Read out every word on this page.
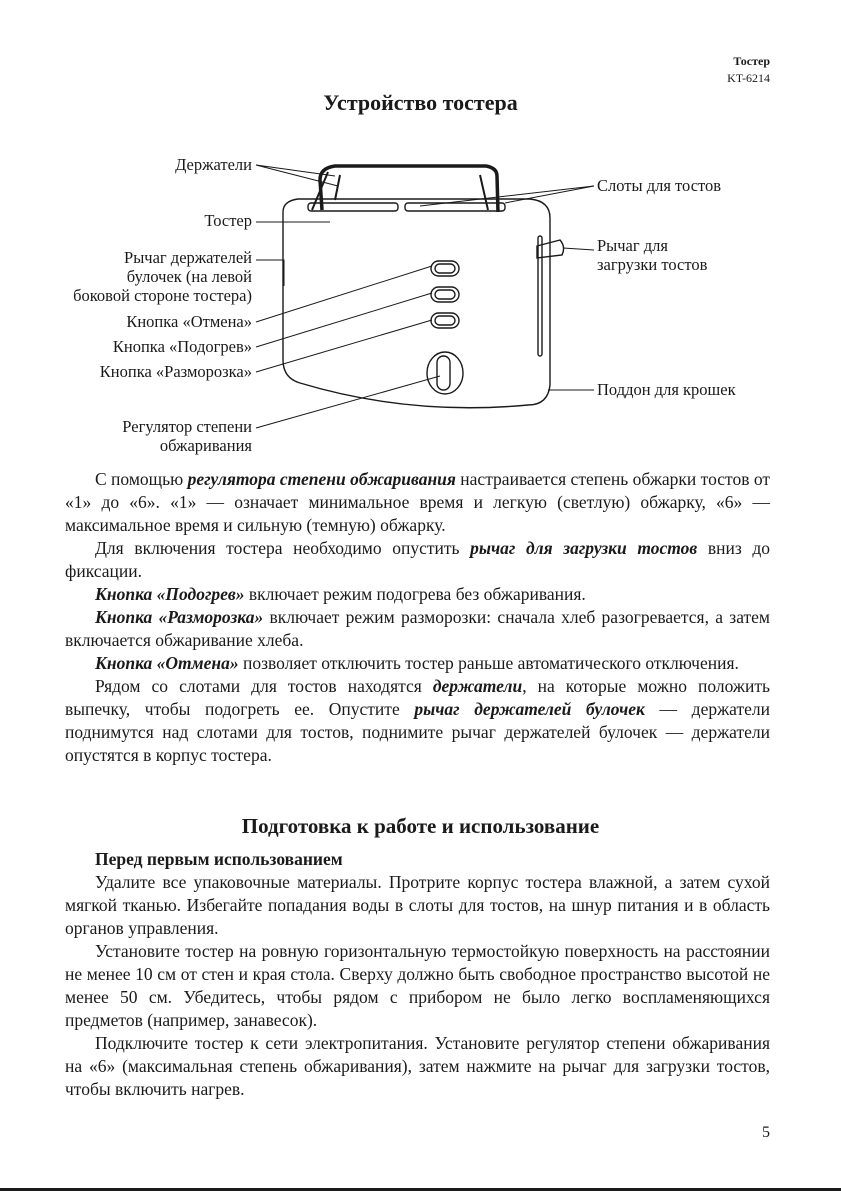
Тостер
KT-6214
Устройство тостера
Держатели
Тостер
Рычаг держателей
булочек (на левой
боковой стороне тостера)
Кнопка «Отмена»
Кнопка «Подогрев»
Кнопка «Разморозка»
Регулятор степени
обжаривания
Слоты для тостов
Рычаг для
загрузки тостов
Поддон для крошек

С помощью регулятора степени обжаривания настраивается степень обжарки тостов от «1» до «6». «1» — означает минимальное время и легкую (светлую) обжарку, «6» — максимальное время и сильную (темную) обжарку.

Для включения тостера необходимо опустить рычаг для загрузки тостов вниз до фиксации.

Кнопка «Подогрев» включает режим подогрева без обжаривания.

Кнопка «Разморозка» включает режим разморозки: сначала хлеб разогревается, а затем включается обжаривание хлеба.

Кнопка «Отмена» позволяет отключить тостер раньше автоматического отключения.

Рядом со слотами для тостов находятся держатели, на которые можно положить выпечку, чтобы подогреть ее. Опустите рычаг держателей булочек — держатели поднимутся над слотами для тостов, поднимите рычаг держателей булочек — держатели опустятся в корпус тостера.

Подготовка к работе и использование

Перед первым использованием

Удалите все упаковочные материалы. Протрите корпус тостера влажной, а затем сухой мягкой тканью. Избегайте попадания воды в слоты для тостов, на шнур питания и в область органов управления.

Установите тостер на ровную горизонтальную термостойкую поверхность на расстоянии не менее 10 см от стен и края стола. Сверху должно быть свободное пространство высотой не менее 50 см. Убедитесь, чтобы рядом с прибором не было легко воспламеняющихся предметов (например, занавесок).

Подключите тостер к сети электропитания. Установите регулятор степени обжаривания на «6» (максимальная степень обжаривания), затем нажмите на рычаг для загрузки тостов, чтобы включить нагрев.

5
